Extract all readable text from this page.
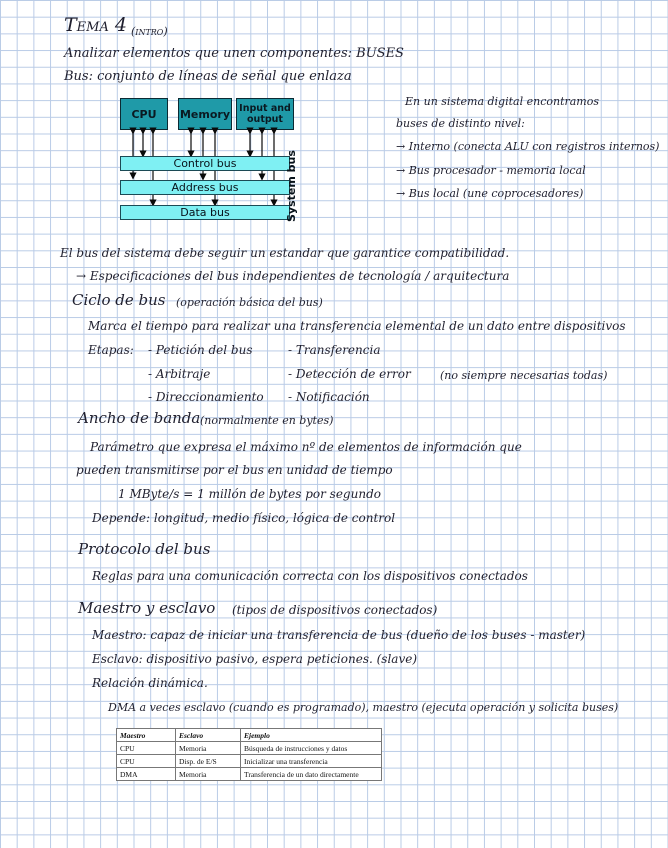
Tema 4 (intro)
Analizar elementos que unen componentes: BUSES
Bus: conjunto de líneas de señal que enlaza
CPU	Memory Input and output
Control bus
Address bus
Data bus	System bus
En un sistema digital encontramos
buses de distinto nivel:
→ Interno (conecta ALU con registros internos)
→ Bus procesador - memoria local
→ Bus local (une coprocesadores)
El bus del sistema debe seguir un estandar que garantice compatibilidad.
→ Especificaciones del bus independientes de tecnología / arquitectura
Ciclo de bus (operación básica del bus)
Marca el tiempo para realizar una transferencia elemental de un dato entre dispositivos
Etapas: - Petición del bus
- Arbitraje
- Direccionamiento
- Transferencia
- Detección de error
- Notificación
(no siempre necesarias todas)
Ancho de banda (normalmente en bytes)
Parámetro que expresa el máximo nº de elementos de información que
pueden transmitirse por el bus en unidad de tiempo
1 MByte/s = 1 millón de bytes por segundo
Depende: longitud, medio físico, lógica de control
Protocolo del bus
Reglas para una comunicación correcta con los dispositivos conectados
Maestro y esclavo (tipos de dispositivos conectados)
Maestro: capaz de iniciar una transferencia de bus (dueño de los buses - master)
Esclavo: dispositivo pasivo, espera peticiones. (slave)
Relación dinámica.
DMA a veces esclavo (cuando es programado), maestro (ejecuta operación y solicita buses)
Maestro	Esclavo	Ejemplo
CPU	Memoria	Búsqueda de instrucciones y datos
CPU	Disp. de E/S	Inicializar una transferencia
DMA	Memoria	Transferencia de un dato directamente
